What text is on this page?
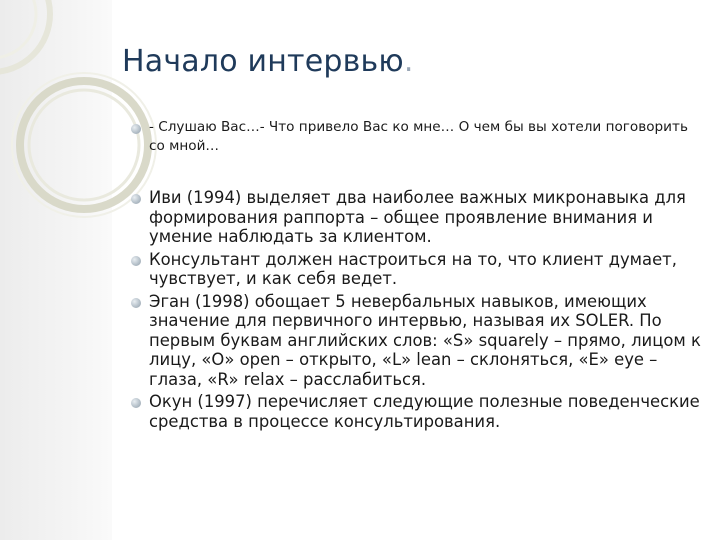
Начало интервью.
- Слушаю Вас…- Что привело Вас ко мне… О чем бы вы хотели поговорить со мной…
Иви (1994) выделяет два наиболее важных микронавыка для формирования раппорта – общее проявление внимания и умение наблюдать за клиентом.
Консультант должен настроиться на то, что клиент думает, чувствует, и как себя ведет.
Эган (1998) обощает 5 невербальных навыков, имеющих значение для первичного интервью, называя их SOLER. По первым буквам английских слов: «S» squarely – прямо, лицом к лицу, «O» open – открыто, «L» lean – склоняться, «E» eye – глаза, «R» relax – расслабиться.
Окун (1997) перечисляет следующие полезные поведенческие средства в процессе консультирования.
